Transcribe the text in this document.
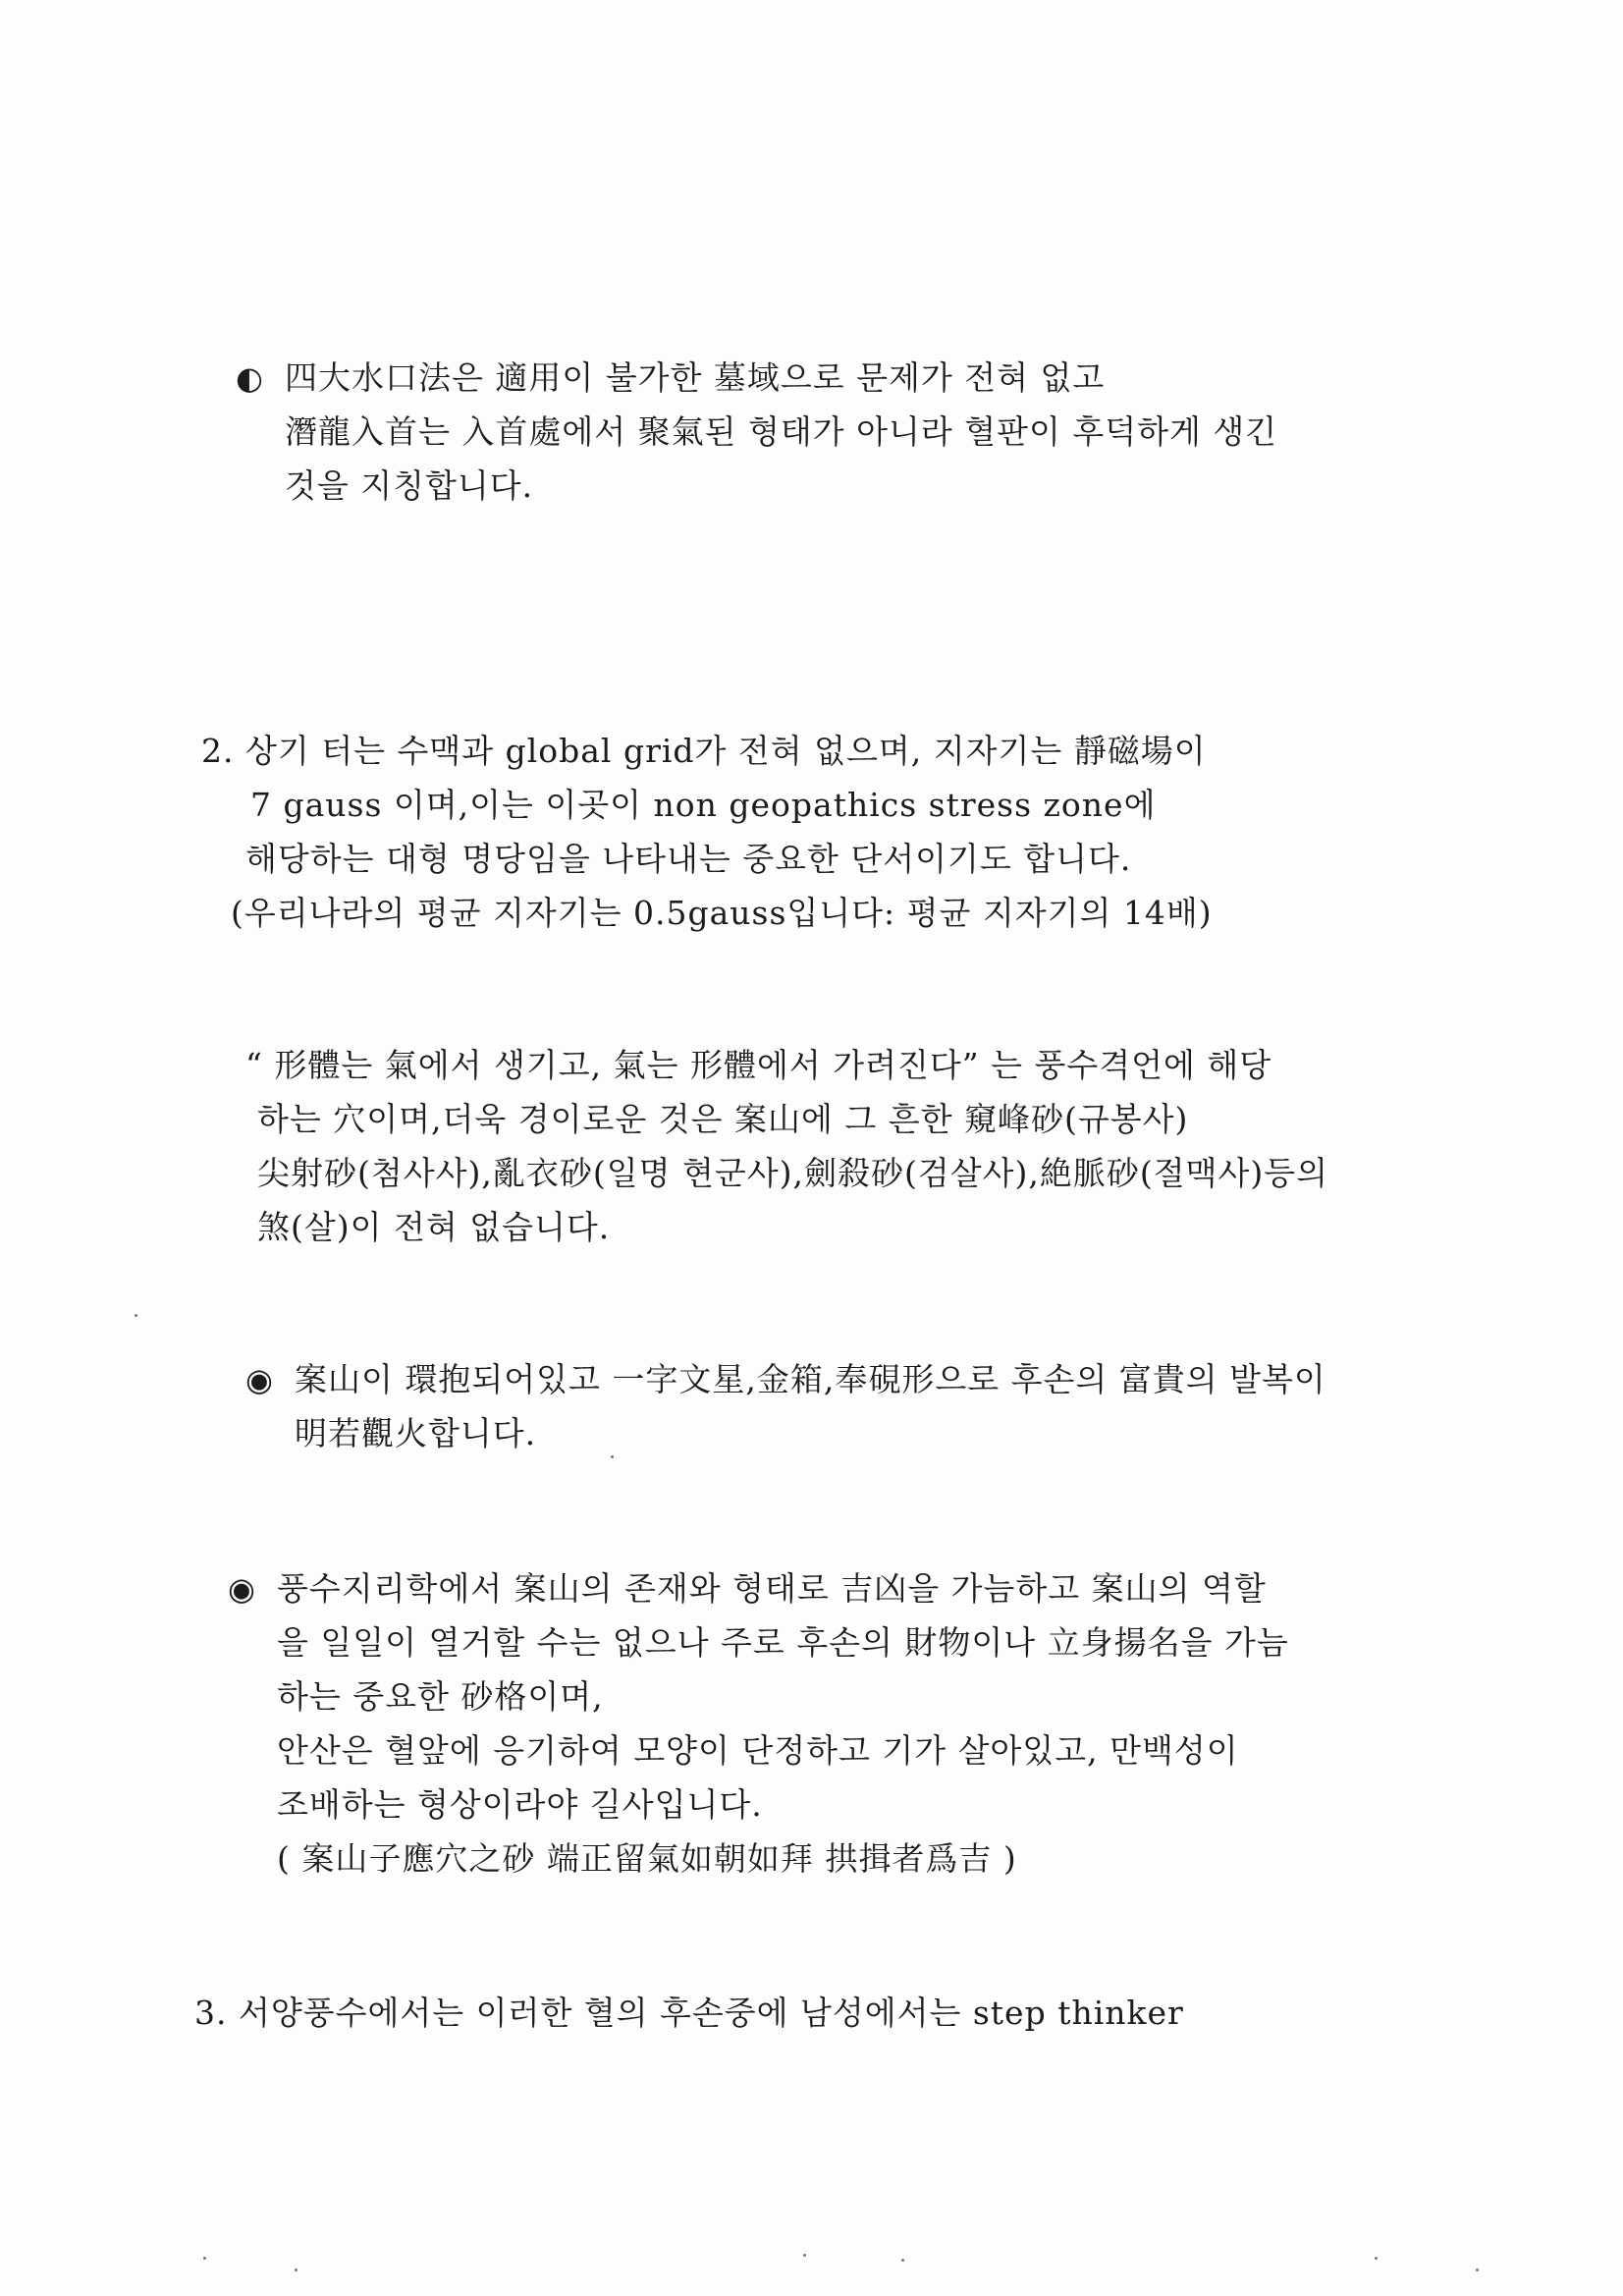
◐ 四大水口法은 適用이 불가한 墓域으로 문제가 전혀 없고
潛龍入首는 入首處에서 聚氣된 형태가 아니라 혈판이 후덕하게 생긴
것을 지칭합니다.
2. 상기 터는 수맥과 global grid가 전혀 없으며, 지자기는 靜磁場이
7 gauss 이며,이는 이곳이 non geopathics stress zone에
해당하는 대형 명당임을 나타내는 중요한 단서이기도 합니다.
(우리나라의 평균 지자기는 0.5gauss입니다: 평균 지자기의 14배)
“ 形體는 氣에서 생기고, 氣는 形體에서 가려진다” 는 풍수격언에 해당
하는 穴이며,더욱 경이로운 것은 案山에 그 흔한 窺峰砂(규봉사)
尖射砂(첨사사),亂衣砂(일명 현군사),劍殺砂(검살사),絶脈砂(절맥사)등의
煞(살)이 전혀 없습니다.
◉ 案山이 環抱되어있고 一字文星,金箱,奉硯形으로 후손의 富貴의 발복이
明若觀火합니다.
◉ 풍수지리학에서 案山의 존재와 형태로 吉凶을 가늠하고 案山의 역할
을 일일이 열거할 수는 없으나 주로 후손의 財物이나 立身揚名을 가늠
하는 중요한 砂格이며,
안산은 혈앞에 응기하여 모양이 단정하고 기가 살아있고, 만백성이
조배하는 형상이라야 길사입니다.
( 案山子應穴之砂 端正留氣如朝如拜 拱揖者爲吉 )
3. 서양풍수에서는 이러한 혈의 후손중에 남성에서는 step thinker
